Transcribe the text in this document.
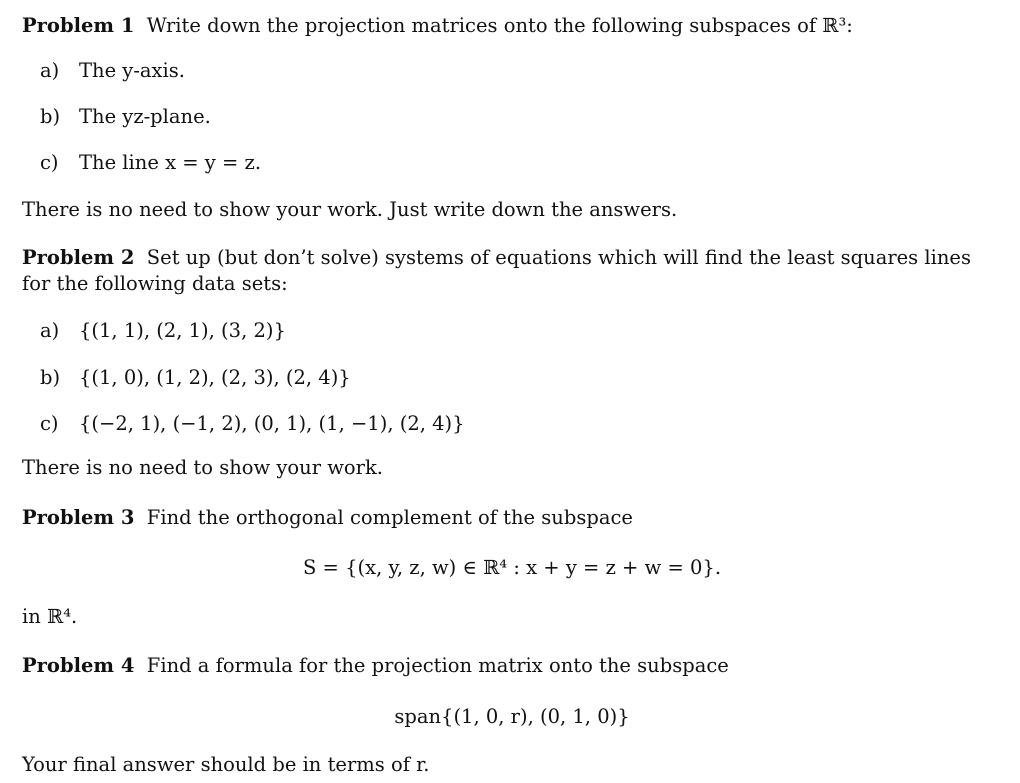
Problem 1 Write down the projection matrices onto the following subspaces of ℝ³:
a) The y-axis.
b) The yz-plane.
c) The line x = y = z.
There is no need to show your work. Just write down the answers.
Problem 2 Set up (but don’t solve) systems of equations which will find the least squares lines for the following data sets:
a) {(1, 1), (2, 1), (3, 2)}
b) {(1, 0), (1, 2), (2, 3), (2, 4)}
c) {(−2, 1), (−1, 2), (0, 1), (1, −1), (2, 4)}
There is no need to show your work.
Problem 3 Find the orthogonal complement of the subspace
S = {(x, y, z, w) ∈ ℝ⁴ : x + y = z + w = 0}.
in ℝ⁴.
Problem 4 Find a formula for the projection matrix onto the subspace
span{(1, 0, r), (0, 1, 0)}
Your final answer should be in terms of r.
